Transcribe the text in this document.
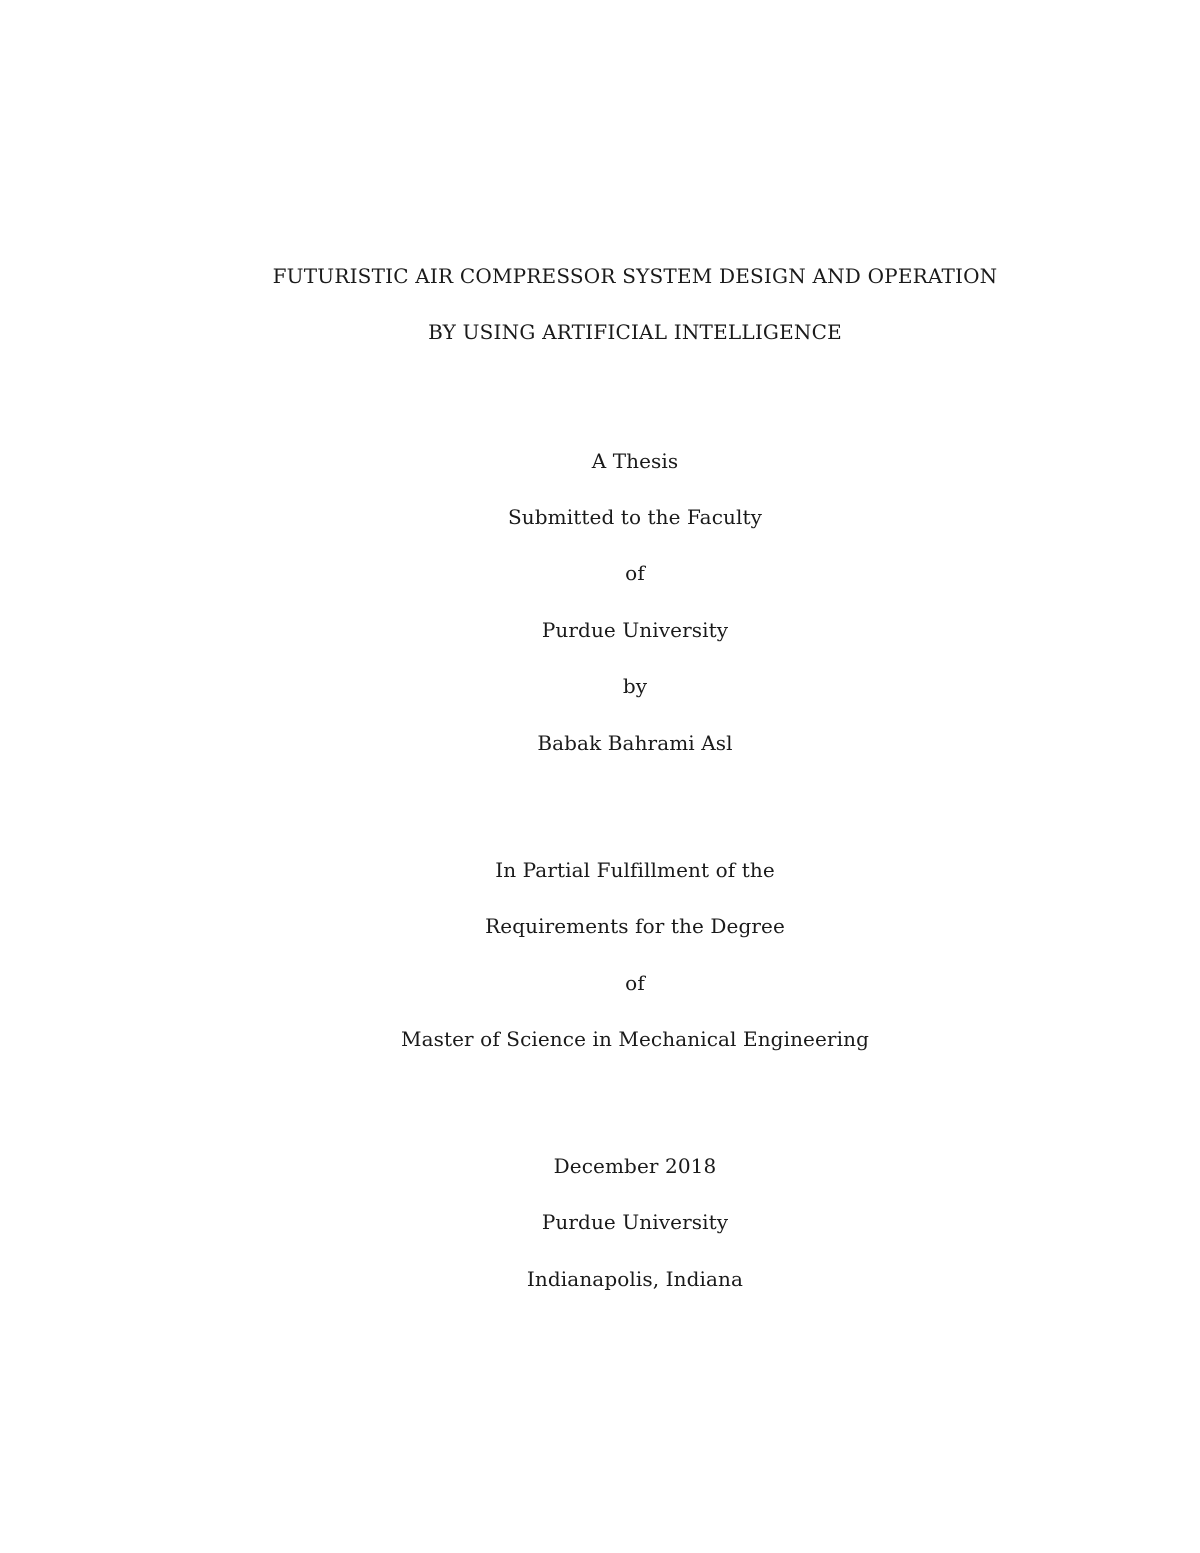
FUTURISTIC AIR COMPRESSOR SYSTEM DESIGN AND OPERATION
BY USING ARTIFICIAL INTELLIGENCE
A Thesis
Submitted to the Faculty
of
Purdue University
by
Babak Bahrami Asl
In Partial Fulfillment of the
Requirements for the Degree
of
Master of Science in Mechanical Engineering
December 2018
Purdue University
Indianapolis, Indiana
